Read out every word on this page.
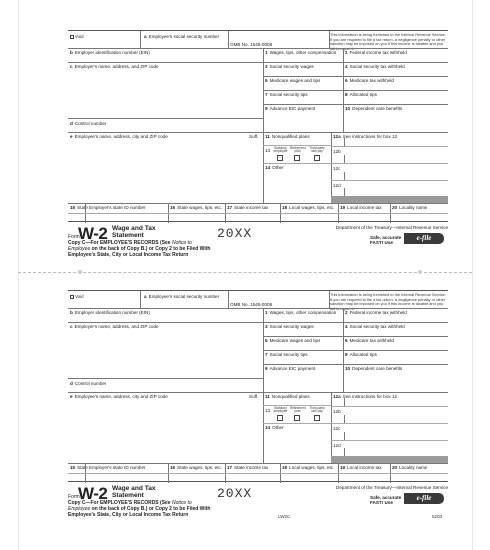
Void	a Employee's social security number
OMB No. 1545-0008
This information is being furnished to the Internal Revenue Service. If you are required to file a tax return, a negligence penalty or other sanction may be imposed on you if this income is taxable and you fail to report it.
b Employer identification number (EIN)
c Employer's name, address, and ZIP code
d Control number
e Employee's name, address, city and ZIP code	Suff.
1 Wages, tips, other compensation 2 Federal income tax withheld
3 Social security wages	4 Social security tax withheld
5 Medicare wages and tips	6 Medicare tax withheld
7 Social security tips	8 Allocated tips
9 Advance EIC payment	10 Dependent care benefits
11 Nonqualified plans	12a See instructions for box 12
13	Statutory employee
Retirement plan
Third-party sick pay
14 Other
12b
12c
12d
15 State Employer's state ID number	16 State wages, tips, etc. 17 State income tax	18 Local wages, tips, etc. 19 Local income tax 20 Locality name
Form
W-2 Wage and Tax
Statement	20XX	Department of the Treasury—Internal Revenue Service
Safe, accurate
FAST! Use
e-file
Copy C—For EMPLOYEE'S RECORDS (See Notice to
Employee on the back of Copy B.) or Copy 2 to be Filed With
Employee's State, City or Local Income Tax Return
Void	a Employee's social security number
OMB No. 1545-0008
This information is being furnished to the Internal Revenue Service. If you are required to file a tax return, a negligence penalty or other sanction may be imposed on you if this income is taxable and you fail to report it.
b Employer identification number (EIN)
c Employer's name, address, and ZIP code
d Control number
e Employee's name, address, city and ZIP code	Suff.
1 Wages, tips, other compensation 2 Federal income tax withheld
3 Social security wages	4 Social security tax withheld
5 Medicare wages and tips	6 Medicare tax withheld
7 Social security tips	8 Allocated tips
9 Advance EIC payment	10 Dependent care benefits
11 Nonqualified plans	12a See instructions for box 12
13	Statutory employee
Retirement plan
Third-party sick pay
14 Other
12b
12c
12d
15 State Employer's state ID number	16 State wages, tips, etc. 17 State income tax	18 Local wages, tips, etc. 19 Local income tax 20 Locality name
Form
W-2 Wage and Tax
Statement	20XX	Department of the Treasury—Internal Revenue Service
Safe, accurate
FAST! Use
e-file
Copy C—For EMPLOYEE'S RECORDS (See Notice to
Employee on the back of Copy B.) or Copy 2 to be Filed With
Employee's State, City or Local Income Tax Return	LW2C	5203
